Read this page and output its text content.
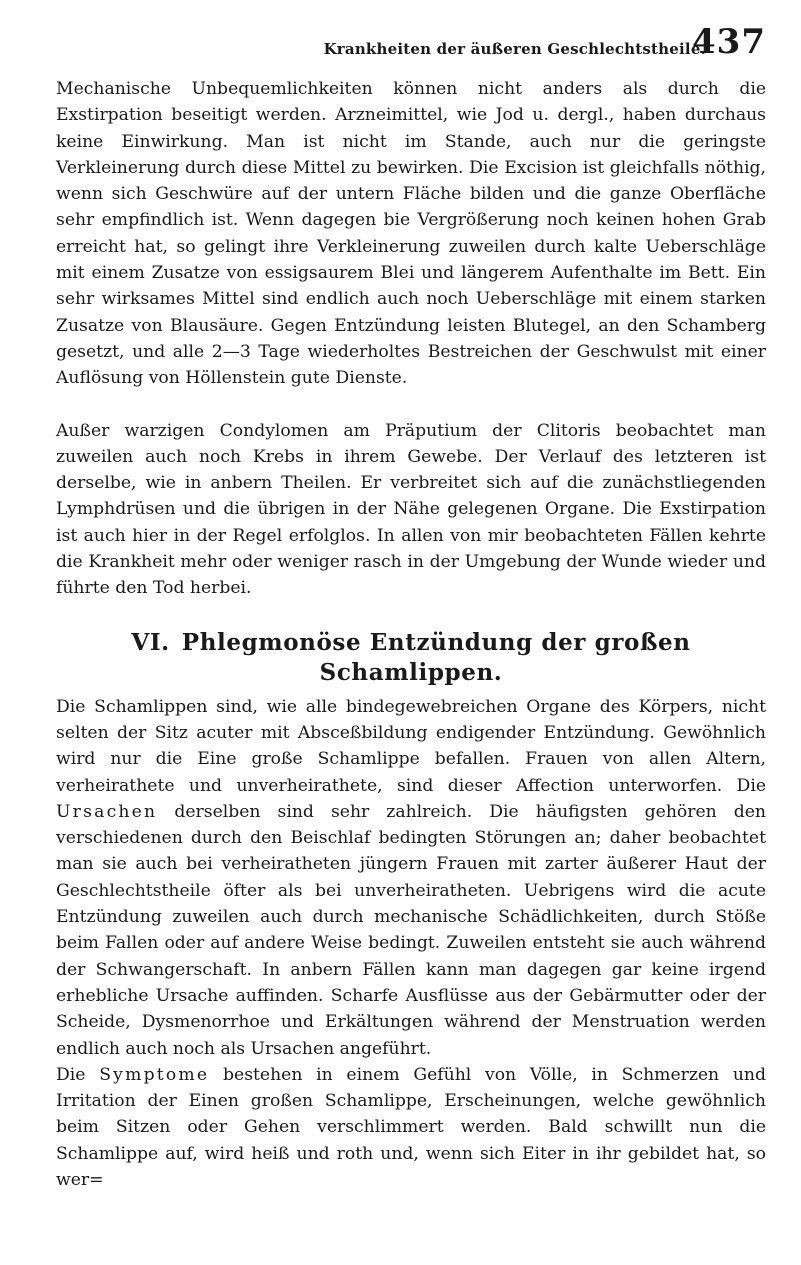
Krankheiten der äußeren Geschlechtstheile.
437

Mechanische Unbequemlichkeiten können nicht anders als durch die Exstirpation beseitigt werden. Arzneimittel, wie Jod u. dergl., haben durchaus keine Einwirkung. Man ist nicht im Stande, auch nur die geringste Verkleinerung durch diese Mittel zu bewirken. Die Excision ist gleichfalls nöthig, wenn sich Geschwüre auf der untern Fläche bilden und die ganze Oberfläche sehr empfindlich ist. Wenn dagegen bie Vergrößerung noch keinen hohen Grab erreicht hat, so gelingt ihre Verkleinerung zuweilen durch kalte Ueberschläge mit einem Zusatze von essigsaurem Blei und längerem Aufenthalte im Bett. Ein sehr wirksames Mittel sind endlich auch noch Ueberschläge mit einem starken Zusatze von Blausäure. Gegen Entzündung leisten Blutegel, an den Schamberg gesetzt, und alle 2—3 Tage wiederholtes Bestreichen der Geschwulst mit einer Auflösung von Höllenstein gute Dienste.

Außer warzigen Condylomen am Präputium der Clitoris beobachtet man zuweilen auch noch Krebs in ihrem Gewebe. Der Verlauf des letzteren ist derselbe, wie in anbern Theilen. Er verbreitet sich auf die zunächstliegenden Lymphdrüsen und die übrigen in der Nähe gelegenen Organe. Die Exstirpation ist auch hier in der Regel erfolglos. In allen von mir beobachteten Fällen kehrte die Krankheit mehr oder weniger rasch in der Umgebung der Wunde wieder und führte den Tod herbei.

VI. Phlegmonöse Entzündung der großen Schamlippen.

Die Schamlippen sind, wie alle bindegewebreichen Organe des Körpers, nicht selten der Sitz acuter mit Abscеßbildung endigender Entzündung. Gewöhnlich wird nur die Eine große Schamlippe befallen. Frauen von allen Altern, verheirathete und unverheirathete, sind dieser Affection unterworfen. Die Ursachen derselben sind sehr zahlreich. Die häufigsten gehören den verschiedenen durch den Beischlaf bedingten Störungen an; daher beobachtet man sie auch bei verheiratheten jüngern Frauen mit zarter äußerer Haut der Geschlechtstheile öfter als bei unverheiratheten. Uebrigens wird die acute Entzündung zuweilen auch durch mechanische Schädlichkeiten, durch Stöße beim Fallen oder auf andere Weise bedingt. Zuweilen entsteht sie auch während der Schwangerschaft. In anbern Fällen kann man dagegen gar keine irgend erhebliche Ursache auffinden. Scharfe Ausflüsse aus der Gebärmutter oder der Scheide, Dysmenorrhoe und Erkältungen während der Menstruation werden endlich auch noch als Ursachen angeführt.

Die Symptome bestehen in einem Gefühl von Völle, in Schmerzen und Irritation der Einen großen Schamlippe, Erscheinungen, welche gewöhnlich beim Sitzen oder Gehen verschlimmert werden. Bald schwillt nun die Schamlippe auf, wird heiß und roth und, wenn sich Eiter in ihr gebildet hat, so wer=
